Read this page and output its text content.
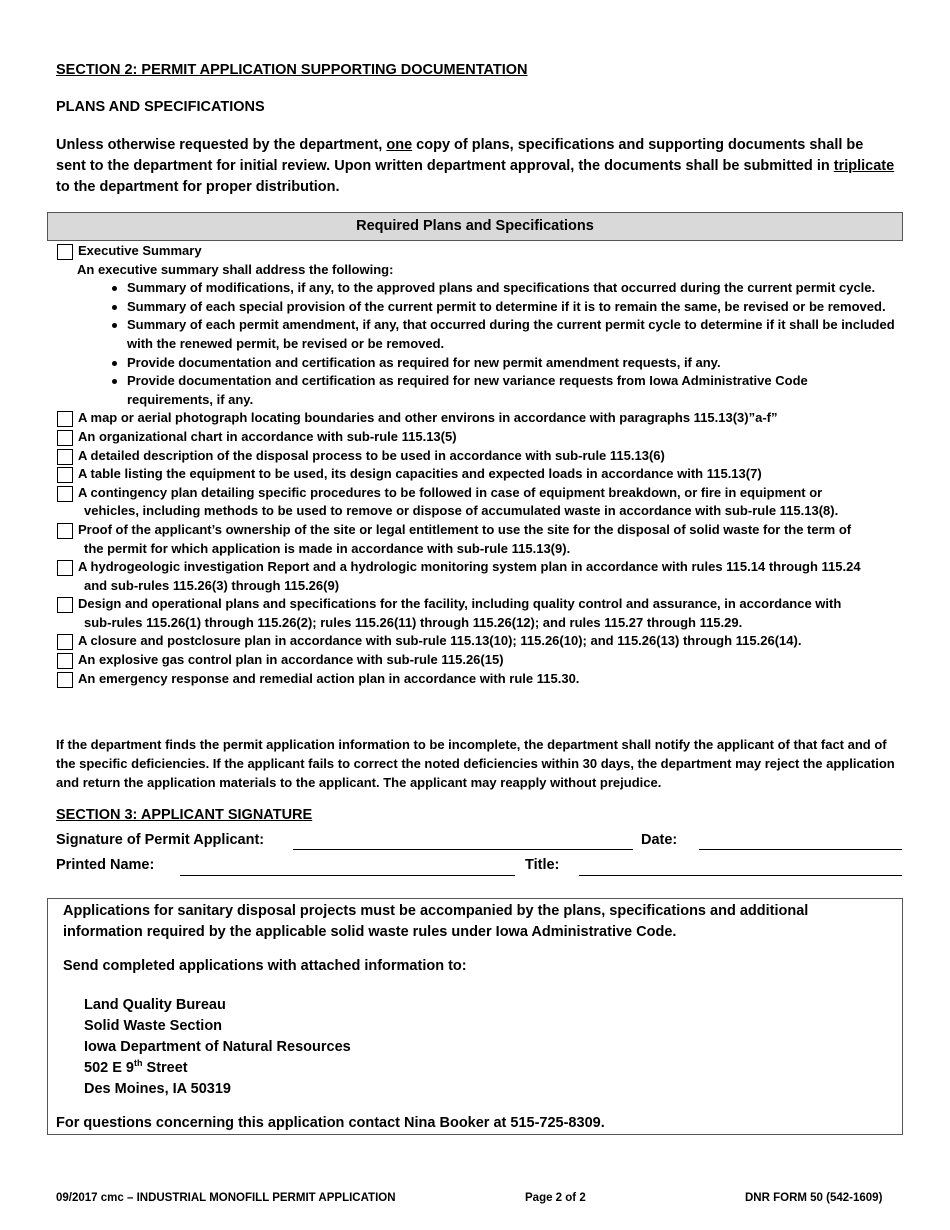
SECTION 2: PERMIT APPLICATION SUPPORTING DOCUMENTATION
PLANS AND SPECIFICATIONS
Unless otherwise requested by the department, one copy of plans, specifications and supporting documents shall be sent to the department for initial review. Upon written department approval, the documents shall be submitted in triplicate to the department for proper distribution.
Required Plans and Specifications
Executive Summary
An executive summary shall address the following:
Summary of modifications, if any, to the approved plans and specifications that occurred during the current permit cycle.
Summary of each special provision of the current permit to determine if it is to remain the same, be revised or be removed.
Summary of each permit amendment, if any, that occurred during the current permit cycle to determine if it shall be included with the renewed permit, be revised or be removed.
Provide documentation and certification as required for new permit amendment requests, if any.
Provide documentation and certification as required for new variance requests from Iowa Administrative Code requirements, if any.
A map or aerial photograph locating boundaries and other environs in accordance with paragraphs 115.13(3)”a-f”
An organizational chart in accordance with sub-rule 115.13(5)
A detailed description of the disposal process to be used in accordance with sub-rule 115.13(6)
A table listing the equipment to be used, its design capacities and expected loads in accordance with 115.13(7)
A contingency plan detailing specific procedures to be followed in case of equipment breakdown, or fire in equipment or
vehicles, including methods to be used to remove or dispose of accumulated waste in accordance with sub-rule 115.13(8).
Proof of the applicant’s ownership of the site or legal entitlement to use the site for the disposal of solid waste for the term of
the permit for which application is made in accordance with sub-rule 115.13(9).
A hydrogeologic investigation Report and a hydrologic monitoring system plan in accordance with rules 115.14 through 115.24
and sub-rules 115.26(3) through 115.26(9)
Design and operational plans and specifications for the facility, including quality control and assurance, in accordance with
sub-rules 115.26(1) through 115.26(2); rules 115.26(11) through 115.26(12); and rules 115.27 through 115.29.
A closure and postclosure plan in accordance with sub-rule 115.13(10); 115.26(10); and 115.26(13) through 115.26(14).
An explosive gas control plan in accordance with sub-rule 115.26(15)
An emergency response and remedial action plan in accordance with rule 115.30.
If the department finds the permit application information to be incomplete, the department shall notify the applicant of that fact and of the specific deficiencies. If the applicant fails to correct the noted deficiencies within 30 days, the department may reject the application and return the application materials to the applicant. The applicant may reapply without prejudice.
SECTION 3: APPLICANT SIGNATURE
Signature of Permit Applicant:	Date:
Printed Name:	Title:
Applications for sanitary disposal projects must be accompanied by the plans, specifications and additional information required by the applicable solid waste rules under Iowa Administrative Code.
Send completed applications with attached information to:
Land Quality Bureau
Solid Waste Section
Iowa Department of Natural Resources
502 E 9th Street
Des Moines, IA 50319
For questions concerning this application contact Nina Booker at 515-725-8309.
09/2017 cmc – INDUSTRIAL MONOFILL PERMIT APPLICATION	Page 2 of 2	DNR FORM 50 (542-1609)
